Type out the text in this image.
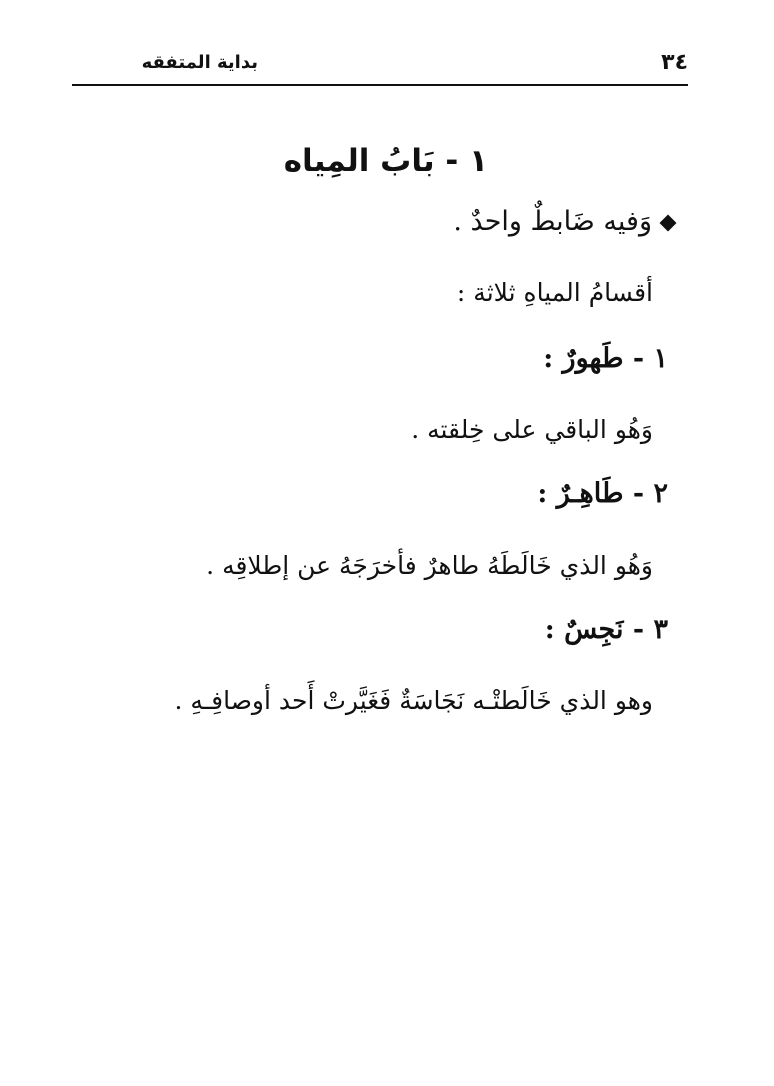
٣٤
بداية المتفقه
١ - بَابُ المِياه
وَفيه ضَابطٌ واحدٌ .
أقسامُ المياهِ ثلاثة :
١ - طَهورٌ :
وَهُو الباقي على خِلقته .
٢ - طَاهِـرٌ :
وَهُو الذي خَالَطَهُ طاهرٌ فأخرَجَهُ عن إطلاقِه .
٣ - نَجِسٌ :
وهو الذي خَالَطتْـه نَجَاسَةٌ فَغَيَّرتْ أَحد أوصافِـهِ .
